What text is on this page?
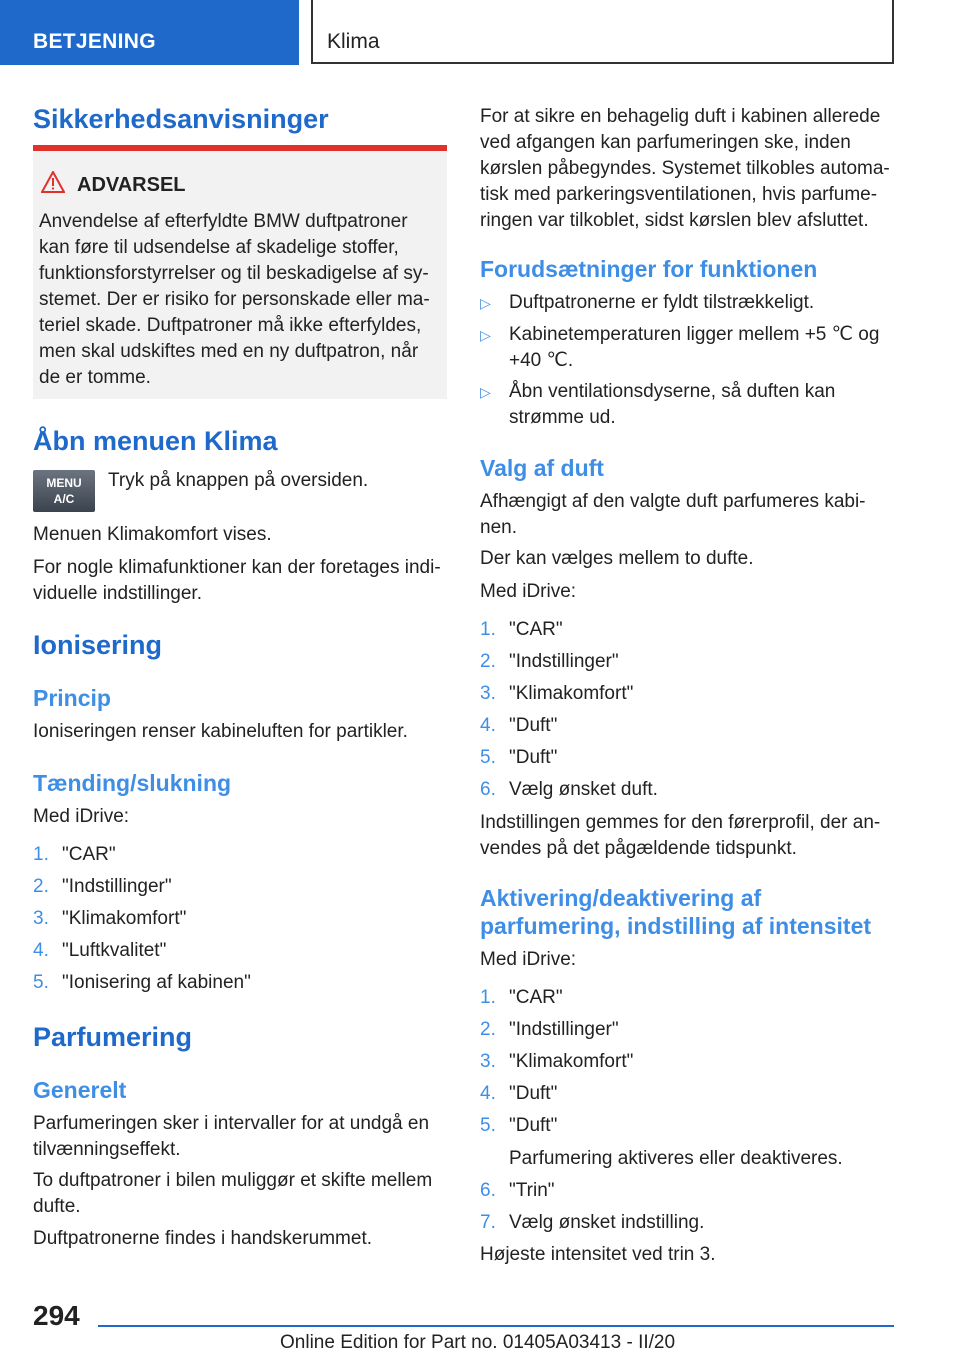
BETJENING	Klima
Sikkerhedsanvisninger
ADVARSEL
Anvendelse af efterfyldte BMW duftpatroner
kan føre til udsendelse af skadelige stoffer,
funktionsforstyrrelser og til beskadigelse af sy-
stemet. Der er risiko for personskade eller ma-
teriel skade. Duftpatroner må ikke efterfyldes,
men skal udskiftes med en ny duftpatron, når
de er tomme.
Åbn menuen Klima
MENU
A/C

Tryk på knappen på oversiden.

Menuen Klimakomfort vises.

For nogle klimafunktioner kan der foretages indi-

viduelle indstillinger.

Ionisering
Princip

Ioniseringen renser kabineluften for partikler.

Tænding/slukning

Med iDrive:

1. "CAR"
2. "Indstillinger"
3. "Klimakomfort"
4. "Luftkvalitet"
5. "Ionisering af kabinen"
Parfumering
Generelt

Parfumeringen sker i intervaller for at undgå en

tilvænningseffekt.

To duftpatroner i bilen muliggør et skifte mellem

dufte.

Duftpatronerne findes i handskerummet.

For at sikre en behagelig duft i kabinen allerede

ved afgangen kan parfumeringen ske, inden

kørslen påbegyndes. Systemet tilkobles automa-

tisk med parkeringsventilationen, hvis parfume-

ringen var tilkoblet, sidst kørslen blev afsluttet.

Forudsætninger for funktionen
▷ Duftpatronerne er fyldt tilstrækkeligt.

▷ Kabinetemperaturen ligger mellem +5 ℃ og

+40 ℃.

▷ Åbn ventilationsdyserne, så duften kan

strømme ud.

Valg af duft

Afhængigt af den valgte duft parfumeres kabi-

nen.

Der kan vælges mellem to dufte.

Med iDrive:

1. "CAR"
2. "Indstillinger"
3. "Klimakomfort"
4. "Duft"
5. "Duft"
6. Vælg ønsket duft.

Indstillingen gemmes for den førerprofil, der an-

vendes på det pågældende tidspunkt.

Aktivering/deaktivering af
parfumering, indstilling af intensitet

Med iDrive:

1. "CAR"
2. "Indstillinger"
3. "Klimakomfort"
4. "Duft"
5. "Duft"

Parfumering aktiveres eller deaktiveres.

6. "Trin"
7. Vælg ønsket indstilling.

Højeste intensitet ved trin 3.

294
Online Edition for Part no. 01405A03413 - II/20
